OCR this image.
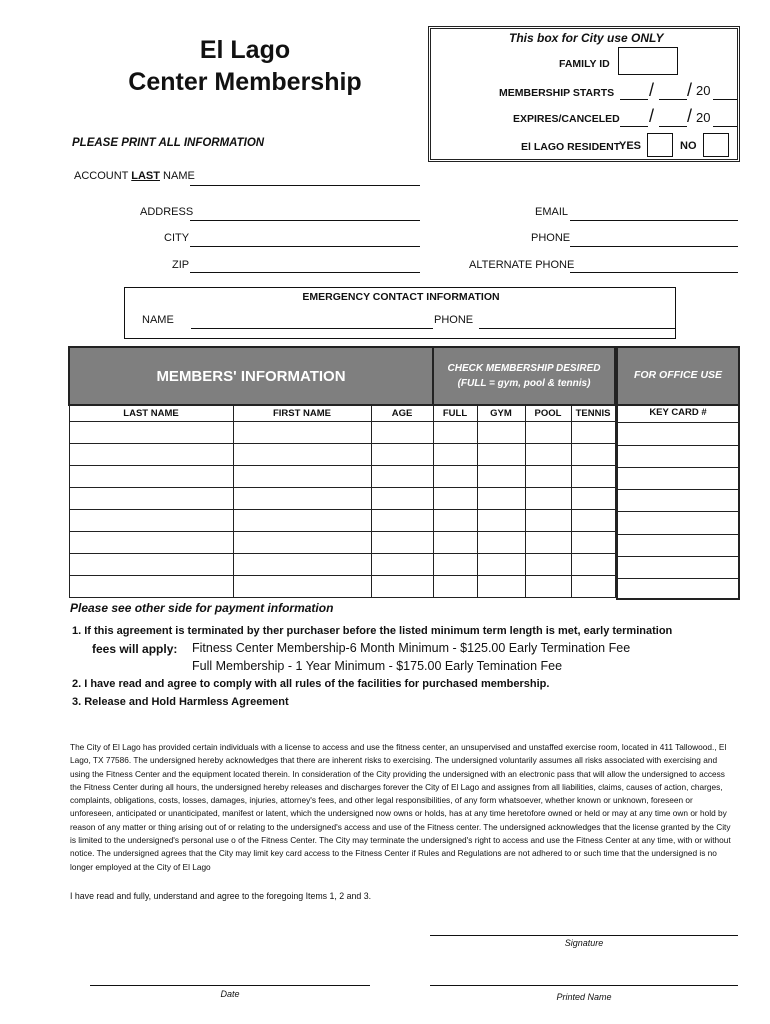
El Lago
Center Membership
PLEASE PRINT ALL INFORMATION
This box for City use ONLY
FAMILY ID
MEMBERSHIP STARTS / / 20
EXPIRES/CANCELED / / 20
El LAGO RESIDENT
YES	NO
ACCOUNT LAST NAME
ADDRESS
CITY
ZIP
EMAIL
PHONE
ALTERNATE PHONE
EMERGENCY CONTACT INFORMATION
NAME	PHONE
MEMBERS' INFORMATION			CHECK MEMBERSHIP DESIRED
(FULL = gym, pool & tennis)			

LAST NAME	FIRST NAME	AGE	FULL	GYM	POOL	TENNIS

FOR OFFICE USE
KEY CARD #
Please see other side for payment information
1. If this agreement is terminated by ther purchaser before the listed minimum term length is met, early termination
fees will apply: Fitness Center Membership-6 Month Minimum - $125.00 Early Termination Fee
Full Membership - 1 Year Minimum - $175.00 Early Temination Fee
2. I have read and agree to comply with all rules of the facilities for purchased membership.
3. Release and Hold Harmless Agreement
The City of El Lago has provided certain individuals with a license to access and use the fitness center, an unsupervised and unstaffed exercise room, located in 411 Tallowood., El Lago, TX 77586. The undersigned hereby acknowledges that there are inherent risks to exercising. The undersigned voluntarily assumes all risks associated with exercising and using the Fitness Center and the equipment located therein. In consideration of the City providing the undersigned with an electronic pass that will allow the undersigned to access the Fitness Center during all hours, the undersigned hereby releases and discharges forever the City of El Lago and assignes from all liabilities, claims, causes of action, charges, complaints, obligations, costs, losses, damages, injuries, attorney's fees, and other legal responsibilities, of any form whatsoever, whether known or unknown, foreseen or unforeseen, anticipated or unanticipated, manifest or latent, which the undersigned now owns or holds, has at any time heretofore owned or held or may at any time own or hold by reason of any matter or thing arising out of or relating to the undersigned's access and use of the Fitness center. The undersigned acknowledges that the license granted by the City is limited to the undersigned's personal use o of the Fitness Center. The City may terminate the undersigned's right to access and use the Fitness Center at any time, with or without notice. The undersigned agrees that the City may limit key card access to the Fitness Center if Rules and Regulations are not adhered to or such time that the undersigned is no longer employed at the City of El Lago
I have read and fully, understand and agree to the foregoing Items 1, 2 and 3.
Signature
Date	Printed Name
